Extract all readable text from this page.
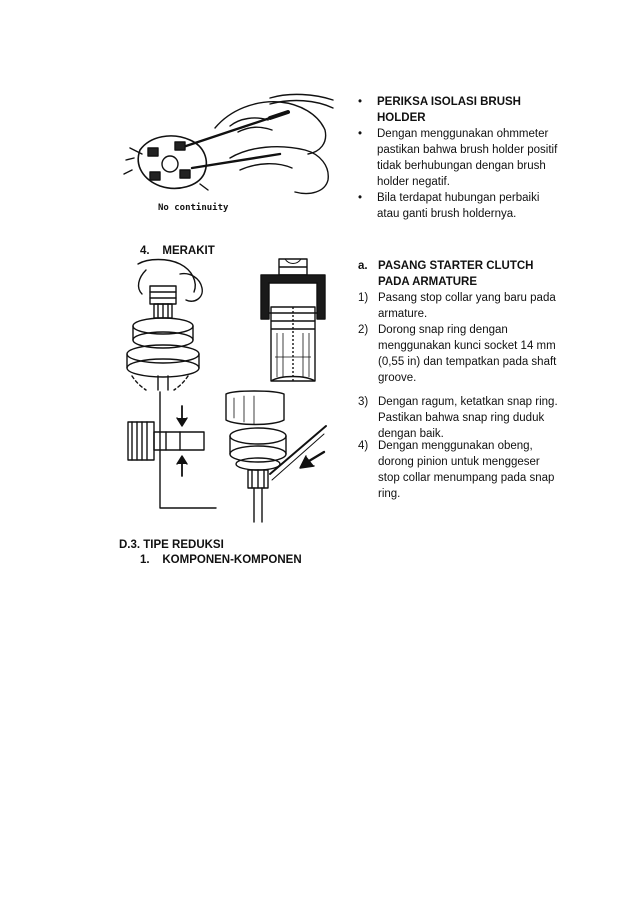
No continuity
•	PERIKSA ISOLASI BRUSH HOLDER
•	Dengan menggunakan ohmmeter pastikan bahwa brush holder positif tidak berhubungan dengan brush holder negatif.
•	Bila terdapat hubungan perbaiki atau ganti brush holdernya.
4.    MERAKIT
a. PASANG STARTER CLUTCH PADA ARMATURE
1) Pasang stop collar yang baru pada armature.
2) Dorong snap ring dengan menggunakan kunci socket 14 mm (0,55 in) dan tempatkan pada shaft groove.
3) Dengan ragum, ketatkan snap ring. Pastikan bahwa snap ring duduk dengan baik.
4) Dengan menggunakan obeng, dorong pinion untuk menggeser stop collar menumpang pada snap ring.
D.3. TIPE REDUKSI
1.    KOMPONEN-KOMPONEN
